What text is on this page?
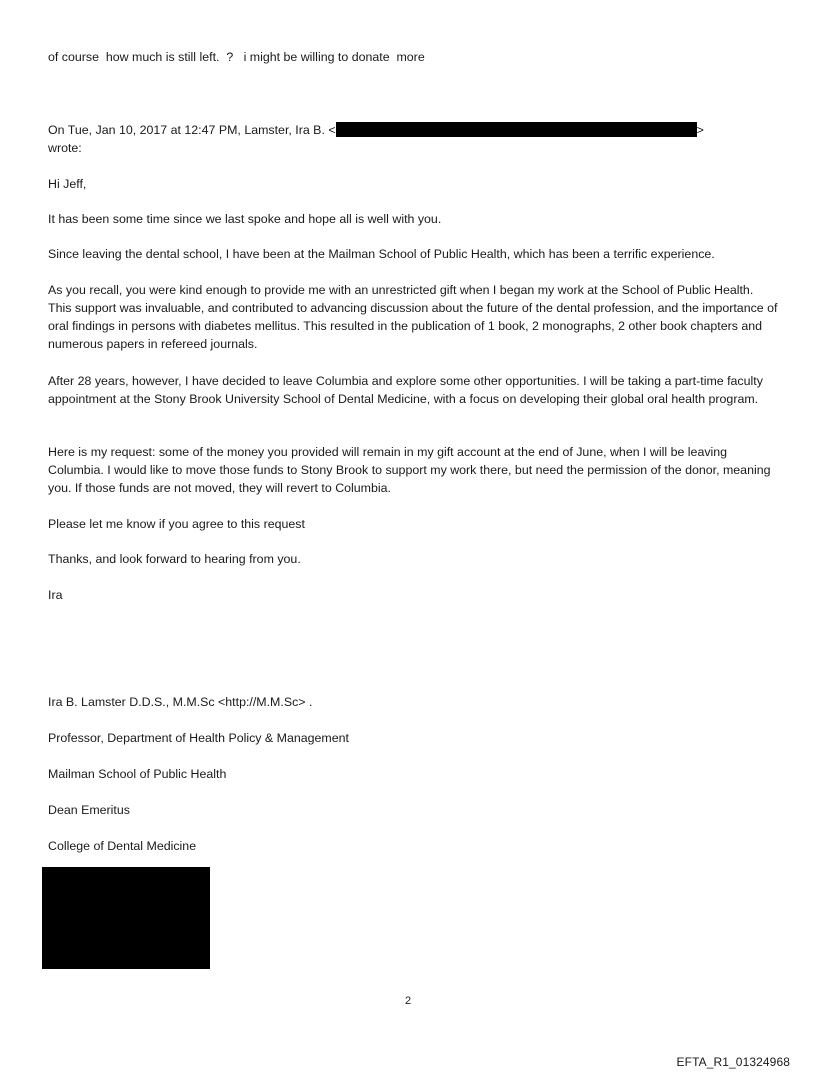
of course  how much is still left.  ?   i might be willing to donate  more
On Tue, Jan 10, 2017 at 12:47 PM, Lamster, Ira B. <	>
wrote:
Hi Jeff,
It has been some time since we last spoke and hope all is well with you.
Since leaving the dental school, I have been at the Mailman School of Public Health, which has been a terrific experience.
As you recall, you were kind enough to provide me with an unrestricted gift when I began my work at the School of Public Health. This support was invaluable, and contributed to advancing discussion about the future of the dental profession, and the importance of oral findings in persons with diabetes mellitus. This resulted in the publication of 1 book, 2 monographs, 2 other book chapters and numerous papers in refereed journals.
After 28 years, however, I have decided to leave Columbia and explore some other opportunities. I will be taking a part-time faculty appointment at the Stony Brook University School of Dental Medicine, with a focus on developing their global oral health program.
Here is my request: some of the money you provided will remain in my gift account at the end of June, when I will be leaving Columbia. I would like to move those funds to Stony Brook to support my work there, but need the permission of the donor, meaning you. If those funds are not moved, they will revert to Columbia.
Please let me know if you agree to this request
Thanks, and look forward to hearing from you.
Ira
Ira B. Lamster D.D.S., M.M.Sc <http://M.M.Sc> .
Professor, Department of Health Policy & Management
Mailman School of Public Health
Dean Emeritus
College of Dental Medicine
2
EFTA_R1_01324968
